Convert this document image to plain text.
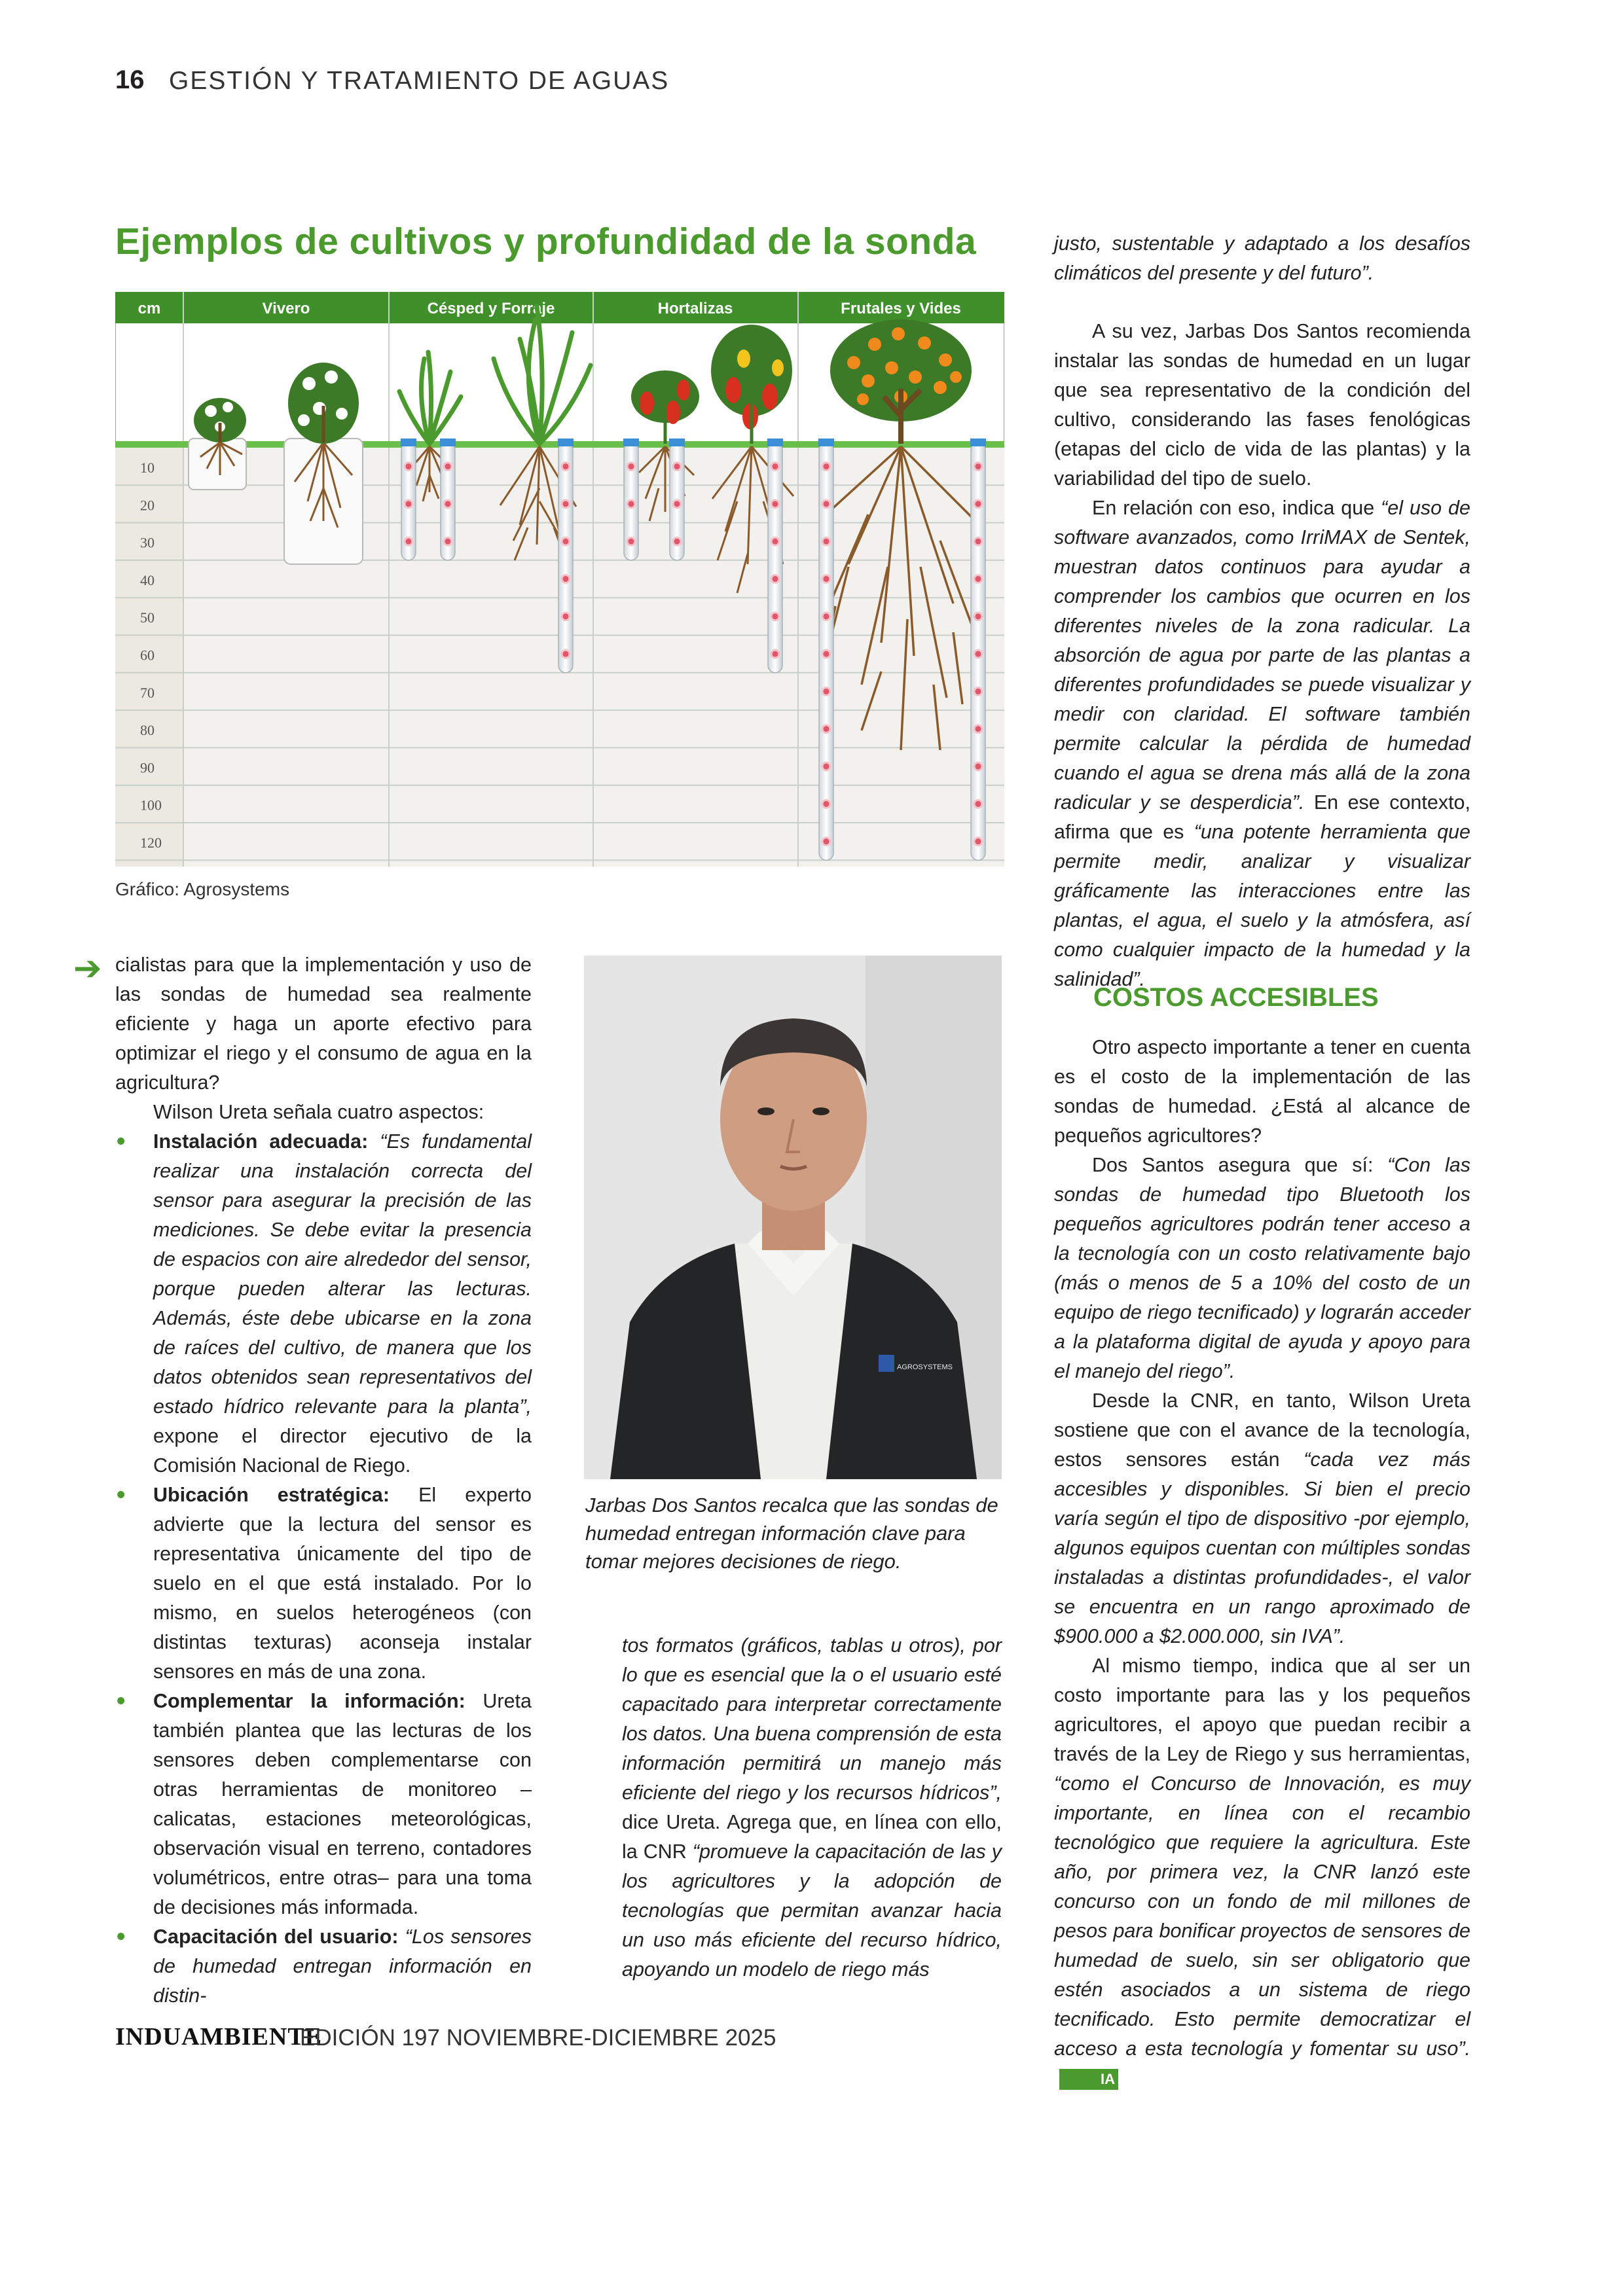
16 GESTIÓN Y TRATAMIENTO DE AGUAS
Ejemplos de cultivos y profundidad de la sonda
cm	Vivero	Césped y Forraje	Hortalizas	Frutales y Vides
10
20
30
40
50
60
70
80
90
100
120
Gráfico: Agrosystems
➔ cialistas para que la implementación y uso de las sondas de humedad sea realmente eficiente y haga un aporte efectivo para optimizar el riego y el consumo de agua en la agricultura?

Wilson Ureta señala cuatro aspectos:

• Instalación adecuada: “Es fundamental realizar una instalación correcta del sensor para asegurar la precisión de las mediciones. Se debe evitar la presencia de espacios con aire alrededor del sensor, porque pueden alterar las lecturas. Además, éste debe ubicarse en la zona de raíces del cultivo, de manera que los datos obtenidos sean representativos del estado hídrico relevante para la planta”, expone el director ejecutivo de la Comisión Nacional de Riego.
• Ubicación estratégica: El experto advierte que la lectura del sensor es representativa únicamente del tipo de suelo en el que está instalado. Por lo mismo, en suelos heterogéneos (con distintas texturas) aconseja instalar sensores en más de una zona.
• Complementar la información: Ureta también plantea que las lecturas de los sensores deben complementarse con otras herramientas de monitoreo –calicatas, estaciones meteorológicas, observación visual en terreno, contadores volumétricos, entre otras– para una toma de decisiones más informada.
• Capacitación del usuario: “Los sensores de humedad entregan información en distin-
AGROSYSTEMS
Jarbas Dos Santos recalca que las sondas de humedad entregan información clave para tomar mejores decisiones de riego.

tos formatos (gráficos, tablas u otros), por lo que es esencial que la o el usuario esté capacitado para interpretar correctamente los datos. Una buena comprensión de esta información permitirá un manejo más eficiente del riego y los recursos hídricos”, dice Ureta. Agrega que, en línea con ello, la CNR “promueve la capacitación de las y los agricultores y la adopción de tecnologías que permitan avanzar hacia un uso más eficiente del recurso hídrico, apoyando un modelo de riego más

justo, sustentable y adaptado a los desafíos climáticos del presente y del futuro”.

A su vez, Jarbas Dos Santos recomienda instalar las sondas de humedad en un lugar que sea representativo de la condición del cultivo, considerando las fases fenológicas (etapas del ciclo de vida de las plantas) y la variabilidad del tipo de suelo.

En relación con eso, indica que “el uso de software avanzados, como IrriMAX de Sentek, muestran datos continuos para ayudar a comprender los cambios que ocurren en los diferentes niveles de la zona radicular. La absorción de agua por parte de las plantas a diferentes profundidades se puede visualizar y medir con claridad. El software también permite calcular la pérdida de humedad cuando el agua se drena más allá de la zona radicular y se desperdicia”. En ese contexto, afirma que es “una potente herramienta que permite medir, analizar y visualizar gráficamente las interacciones entre las plantas, el agua, el suelo y la atmósfera, así como cualquier impacto de la humedad y la salinidad”.

COSTOS ACCESIBLES

Otro aspecto importante a tener en cuenta es el costo de la implementación de las sondas de humedad. ¿Está al alcance de pequeños agricultores?

Dos Santos asegura que sí: “Con las sondas de humedad tipo Bluetooth los pequeños agricultores podrán tener acceso a la tecnología con un costo relativamente bajo (más o menos de 5 a 10% del costo de un equipo de riego tecnificado) y lograrán acceder a la plataforma digital de ayuda y apoyo para el manejo del riego”.

Desde la CNR, en tanto, Wilson Ureta sostiene que con el avance de la tecnología, estos sensores están “cada vez más accesibles y disponibles. Si bien el precio varía según el tipo de dispositivo -por ejemplo, algunos equipos cuentan con múltiples sondas instaladas a distintas profundidades-, el valor se encuentra en un rango aproximado de $900.000 a $2.000.000, sin IVA”.

Al mismo tiempo, indica que al ser un costo importante para las y los pequeños agricultores, el apoyo que puedan recibir a través de la Ley de Riego y sus herramientas, “como el Concurso de Innovación, es muy importante, en línea con el recambio tecnológico que requiere la agricultura. Este año, por primera vez, la CNR lanzó este concurso con un fondo de mil millones de pesos para bonificar proyectos de sensores de humedad de suelo, sin ser obligatorio que estén asociados a un sistema de riego tecnificado. Esto permite democratizar el acceso a esta tecnología y fomentar su uso”.IA

INDUAMBIENTE
EDICIÓN 197 NOVIEMBRE-DICIEMBRE 2025
